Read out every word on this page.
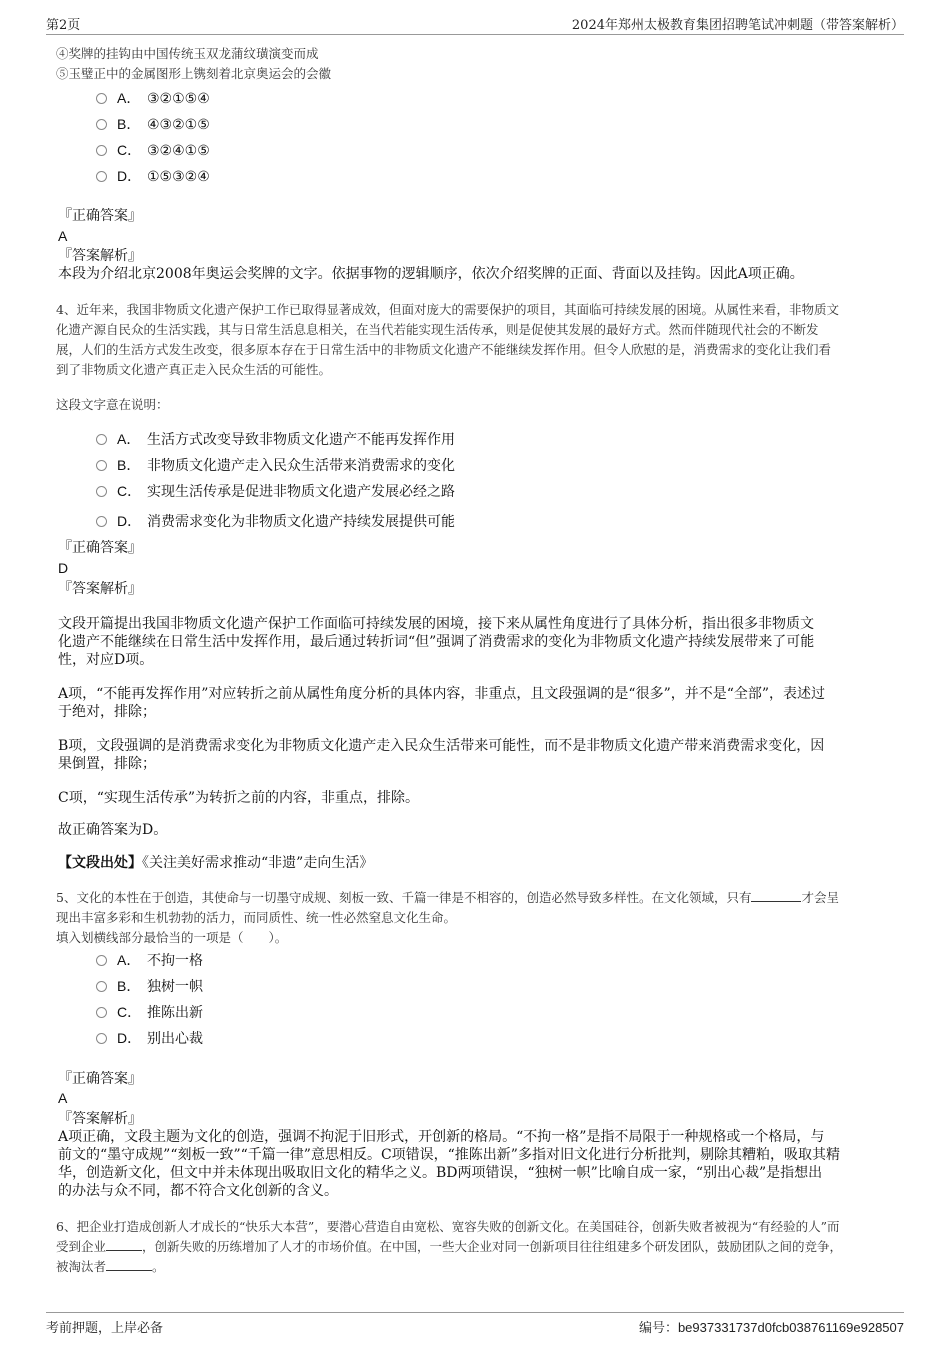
第2页	2024年郑州太极教育集团招聘笔试冲刺题（带答案解析）
④奖牌的挂钩由中国传统玉双龙蒲纹璜演变而成
⑤玉璧正中的金属图形上镌刻着北京奥运会的会徽
A． ③②①⑤④
B． ④③②①⑤
C． ③②④①⑤
D． ①⑤③②④
『正确答案』
A
『答案解析』
本段为介绍北京2008年奥运会奖牌的文字。依据事物的逻辑顺序，依次介绍奖牌的正面、背面以及挂钩。因此A项正确。
4、近年来，我国非物质文化遗产保护工作已取得显著成效，但面对庞大的需要保护的项目，其面临可持续发展的困境。从属性来看，非物质文
化遗产源自民众的生活实践，其与日常生活息息相关，在当代若能实现生活传承，则是促使其发展的最好方式。然而伴随现代社会的不断发
展，人们的生活方式发生改变，很多原本存在于日常生活中的非物质文化遗产不能继续发挥作用。但令人欣慰的是，消费需求的变化让我们看
到了非物质文化遗产真正走入民众生活的可能性。
这段文字意在说明：
A． 生活方式改变导致非物质文化遗产不能再发挥作用
B． 非物质文化遗产走入民众生活带来消费需求的变化
C． 实现生活传承是促进非物质文化遗产发展必经之路
D． 消费需求变化为非物质文化遗产持续发展提供可能
『正确答案』
D
『答案解析』
文段开篇提出我国非物质文化遗产保护工作面临可持续发展的困境，接下来从属性角度进行了具体分析，指出很多非物质文
化遗产不能继续在日常生活中发挥作用，最后通过转折词“但”强调了消费需求的变化为非物质文化遗产持续发展带来了可能
性，对应D项。
A项，“不能再发挥作用”对应转折之前从属性角度分析的具体内容，非重点，且文段强调的是“很多”，并不是“全部”，表述过
于绝对，排除；
B项，文段强调的是消费需求变化为非物质文化遗产走入民众生活带来可能性，而不是非物质文化遗产带来消费需求变化，因
果倒置，排除；
C项，“实现生活传承”为转折之前的内容，非重点，排除。
故正确答案为D。
【文段出处】《关注美好需求推动“非遗”走向生活》
5、文化的本性在于创造，其使命与一切墨守成规、刻板一致、千篇一律是不相容的，创造必然导致多样性。在文化领域，只有	才会呈
现出丰富多彩和生机勃勃的活力，而同质性、统一性必然窒息文化生命。
填入划横线部分最恰当的一项是（　　）。
A． 不拘一格
B． 独树一帜
C． 推陈出新
D． 别出心裁
『正确答案』
A
『答案解析』
A项正确，文段主题为文化的创造，强调不拘泥于旧形式，开创新的格局。“不拘一格”是指不局限于一种规格或一个格局，与
前文的“墨守成规”“刻板一致”“千篇一律”意思相反。C项错误，“推陈出新”多指对旧文化进行分析批判，剔除其糟粕，吸取其精
华，创造新文化，但文中并未体现出吸取旧文化的精华之义。BD两项错误，“独树一帜”比喻自成一家，“别出心裁”是指想出
的办法与众不同，都不符合文化创新的含义。
6、把企业打造成创新人才成长的“快乐大本营”，要潜心营造自由宽松、宽容失败的创新文化。在美国硅谷，创新失败者被视为“有经验的人”而
受到企业	，创新失败的历练增加了人才的市场价值。在中国，一些大企业对同一创新项目往往组建多个研发团队，鼓励团队之间的竞争，
被淘汰者	。
考前押题，上岸必备	编号：be937331737d0fcb038761169e928507
